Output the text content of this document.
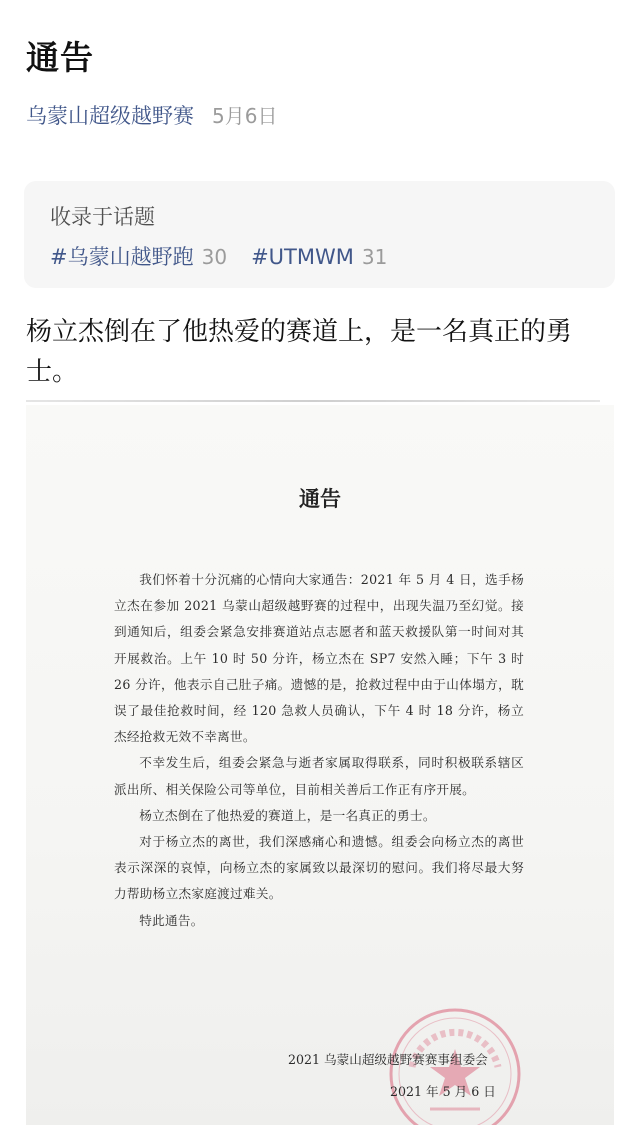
通告
乌蒙山超级越野赛 5月6日
收录于话题
#乌蒙山越野跑 30 #UTMWM 31
杨立杰倒在了他热爱的赛道上，是一名真正的勇士。
通告

我们怀着十分沉痛的心情向大家通告：2021 年 5 月 4 日，选手杨立杰在参加 2021 乌蒙山超级越野赛的过程中，出现失温乃至幻觉。接到通知后，组委会紧急安排赛道站点志愿者和蓝天救援队第一时间对其开展救治。上午 10 时 50 分许，杨立杰在 SP7 安然入睡；下午 3 时 26 分许，他表示自己肚子痛。遗憾的是，抢救过程中由于山体塌方，耽误了最佳抢救时间，经 120 急救人员确认，下午 4 时 18 分许，杨立杰经抢救无效不幸离世。

不幸发生后，组委会紧急与逝者家属取得联系，同时积极联系辖区派出所、相关保险公司等单位，目前相关善后工作正有序开展。

杨立杰倒在了他热爱的赛道上，是一名真正的勇士。

对于杨立杰的离世，我们深感痛心和遗憾。组委会向杨立杰的离世表示深深的哀悼，向杨立杰的家属致以最深切的慰问。我们将尽最大努力帮助杨立杰家庭渡过难关。

特此通告。

2021 乌蒙山超级越野赛赛事组委会
2021 年 5 月 6 日
